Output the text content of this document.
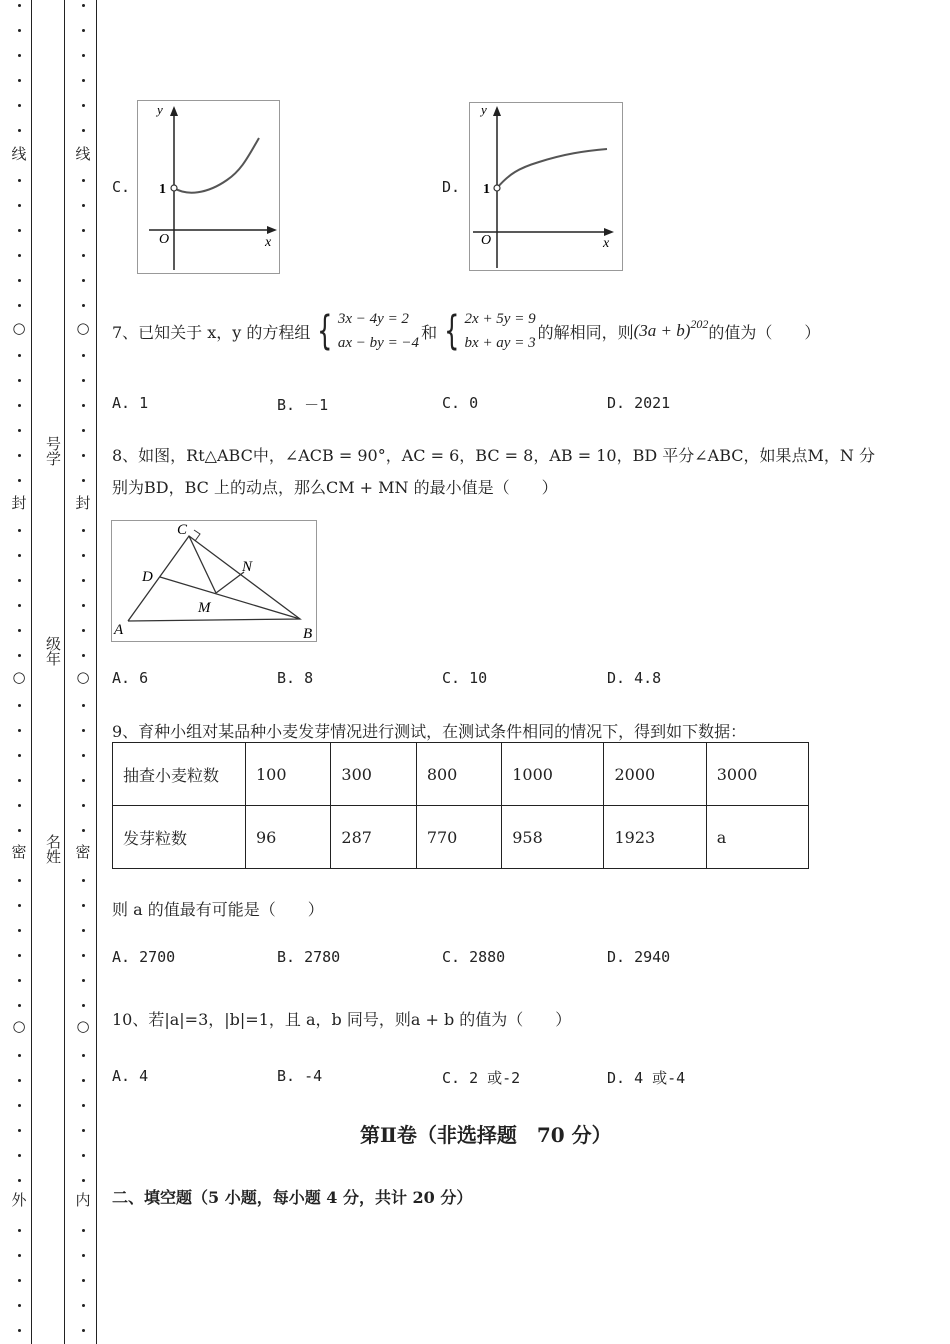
线
○
封
○
密
○
外
线
○
封
○
密
○
内
号学
级年
名姓
C.
y
1
O	x
D.
y
1
O	x
7、已知关于 x，y 的方程组 { 3x − 4y = 2
ax − by = −4
和 { 2x + 5y = 9
bx + ay = 3
的解相同，则 (3a + b) 202 的值为（　　）
A. 1	B. －1	C. 0	D. 2021
8、如图，Rt△ABC中，∠ACB = 90°，AC = 6，BC = 8，AB = 10，BD 平分∠ABC，如果点M，N 分
别为BD，BC 上的动点，那么CM + MN 的最小值是（　　）
A	B
C
D
M
N
A. 6	B. 8	C. 10	D. 4.8
9、育种小组对某品种小麦发芽情况进行测试，在测试条件相同的情况下，得到如下数据：
抽查小麦粒数	100	300	800	1000	2000	3000
发芽粒数	96	287	770	958	1923	a
则 a 的值最有可能是（　　）
A. 2700	B. 2780	C. 2880	D. 2940
10、若|a|=3，|b|=1，且 a，b 同号，则a + b 的值为（　　）
A. 4	B. -4	C. 2 或-2	D. 4 或-4
第Ⅱ卷（非选择题　70 分）
二、填空题（5 小题，每小题 4 分，共计 20 分）
